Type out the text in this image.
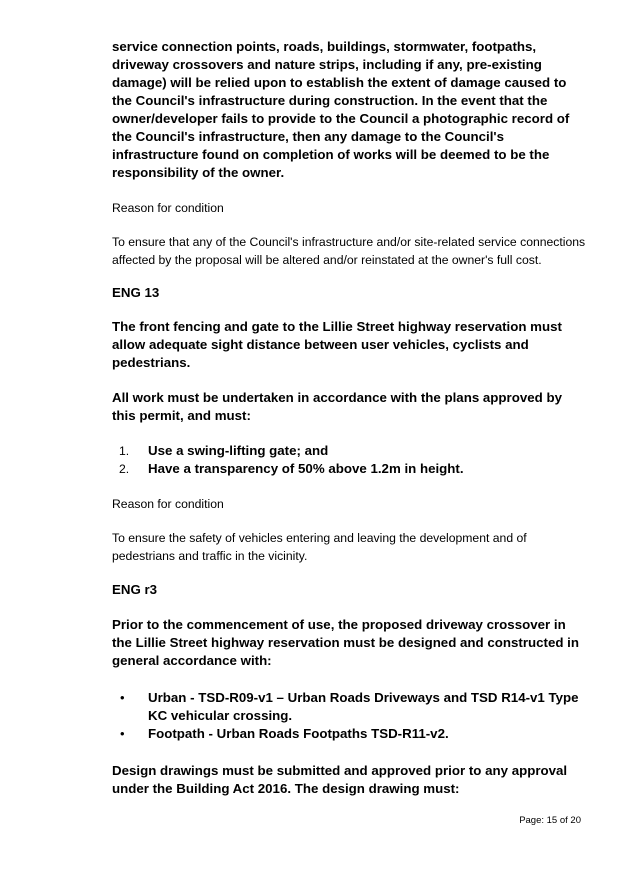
service connection points, roads, buildings, stormwater, footpaths, driveway crossovers and nature strips, including if any, pre-existing damage) will be relied upon to establish the extent of damage caused to the Council's infrastructure during construction. In the event that the owner/developer fails to provide to the Council a photographic record of the Council's infrastructure, then any damage to the Council's infrastructure found on completion of works will be deemed to be the responsibility of the owner.

Reason for condition

To ensure that any of the Council's infrastructure and/or site-related service connections affected by the proposal will be altered and/or reinstated at the owner's full cost.

ENG 13

The front fencing and gate to the Lillie Street highway reservation must allow adequate sight distance between user vehicles, cyclists and pedestrians.

All work must be undertaken in accordance with the plans approved by this permit, and must:

1. Use a swing-lifting gate; and
2. Have a transparency of 50% above 1.2m in height.

Reason for condition

To ensure the safety of vehicles entering and leaving the development and of pedestrians and traffic in the vicinity.

ENG r3

Prior to the commencement of use, the proposed driveway crossover in the Lillie Street highway reservation must be designed and constructed in general accordance with:

• Urban - TSD-R09-v1 – Urban Roads Driveways and TSD R14-v1 Type KC vehicular crossing.
• Footpath - Urban Roads Footpaths TSD-R11-v2.

Design drawings must be submitted and approved prior to any approval under the Building Act 2016. The design drawing must:

Page: 15 of 20
